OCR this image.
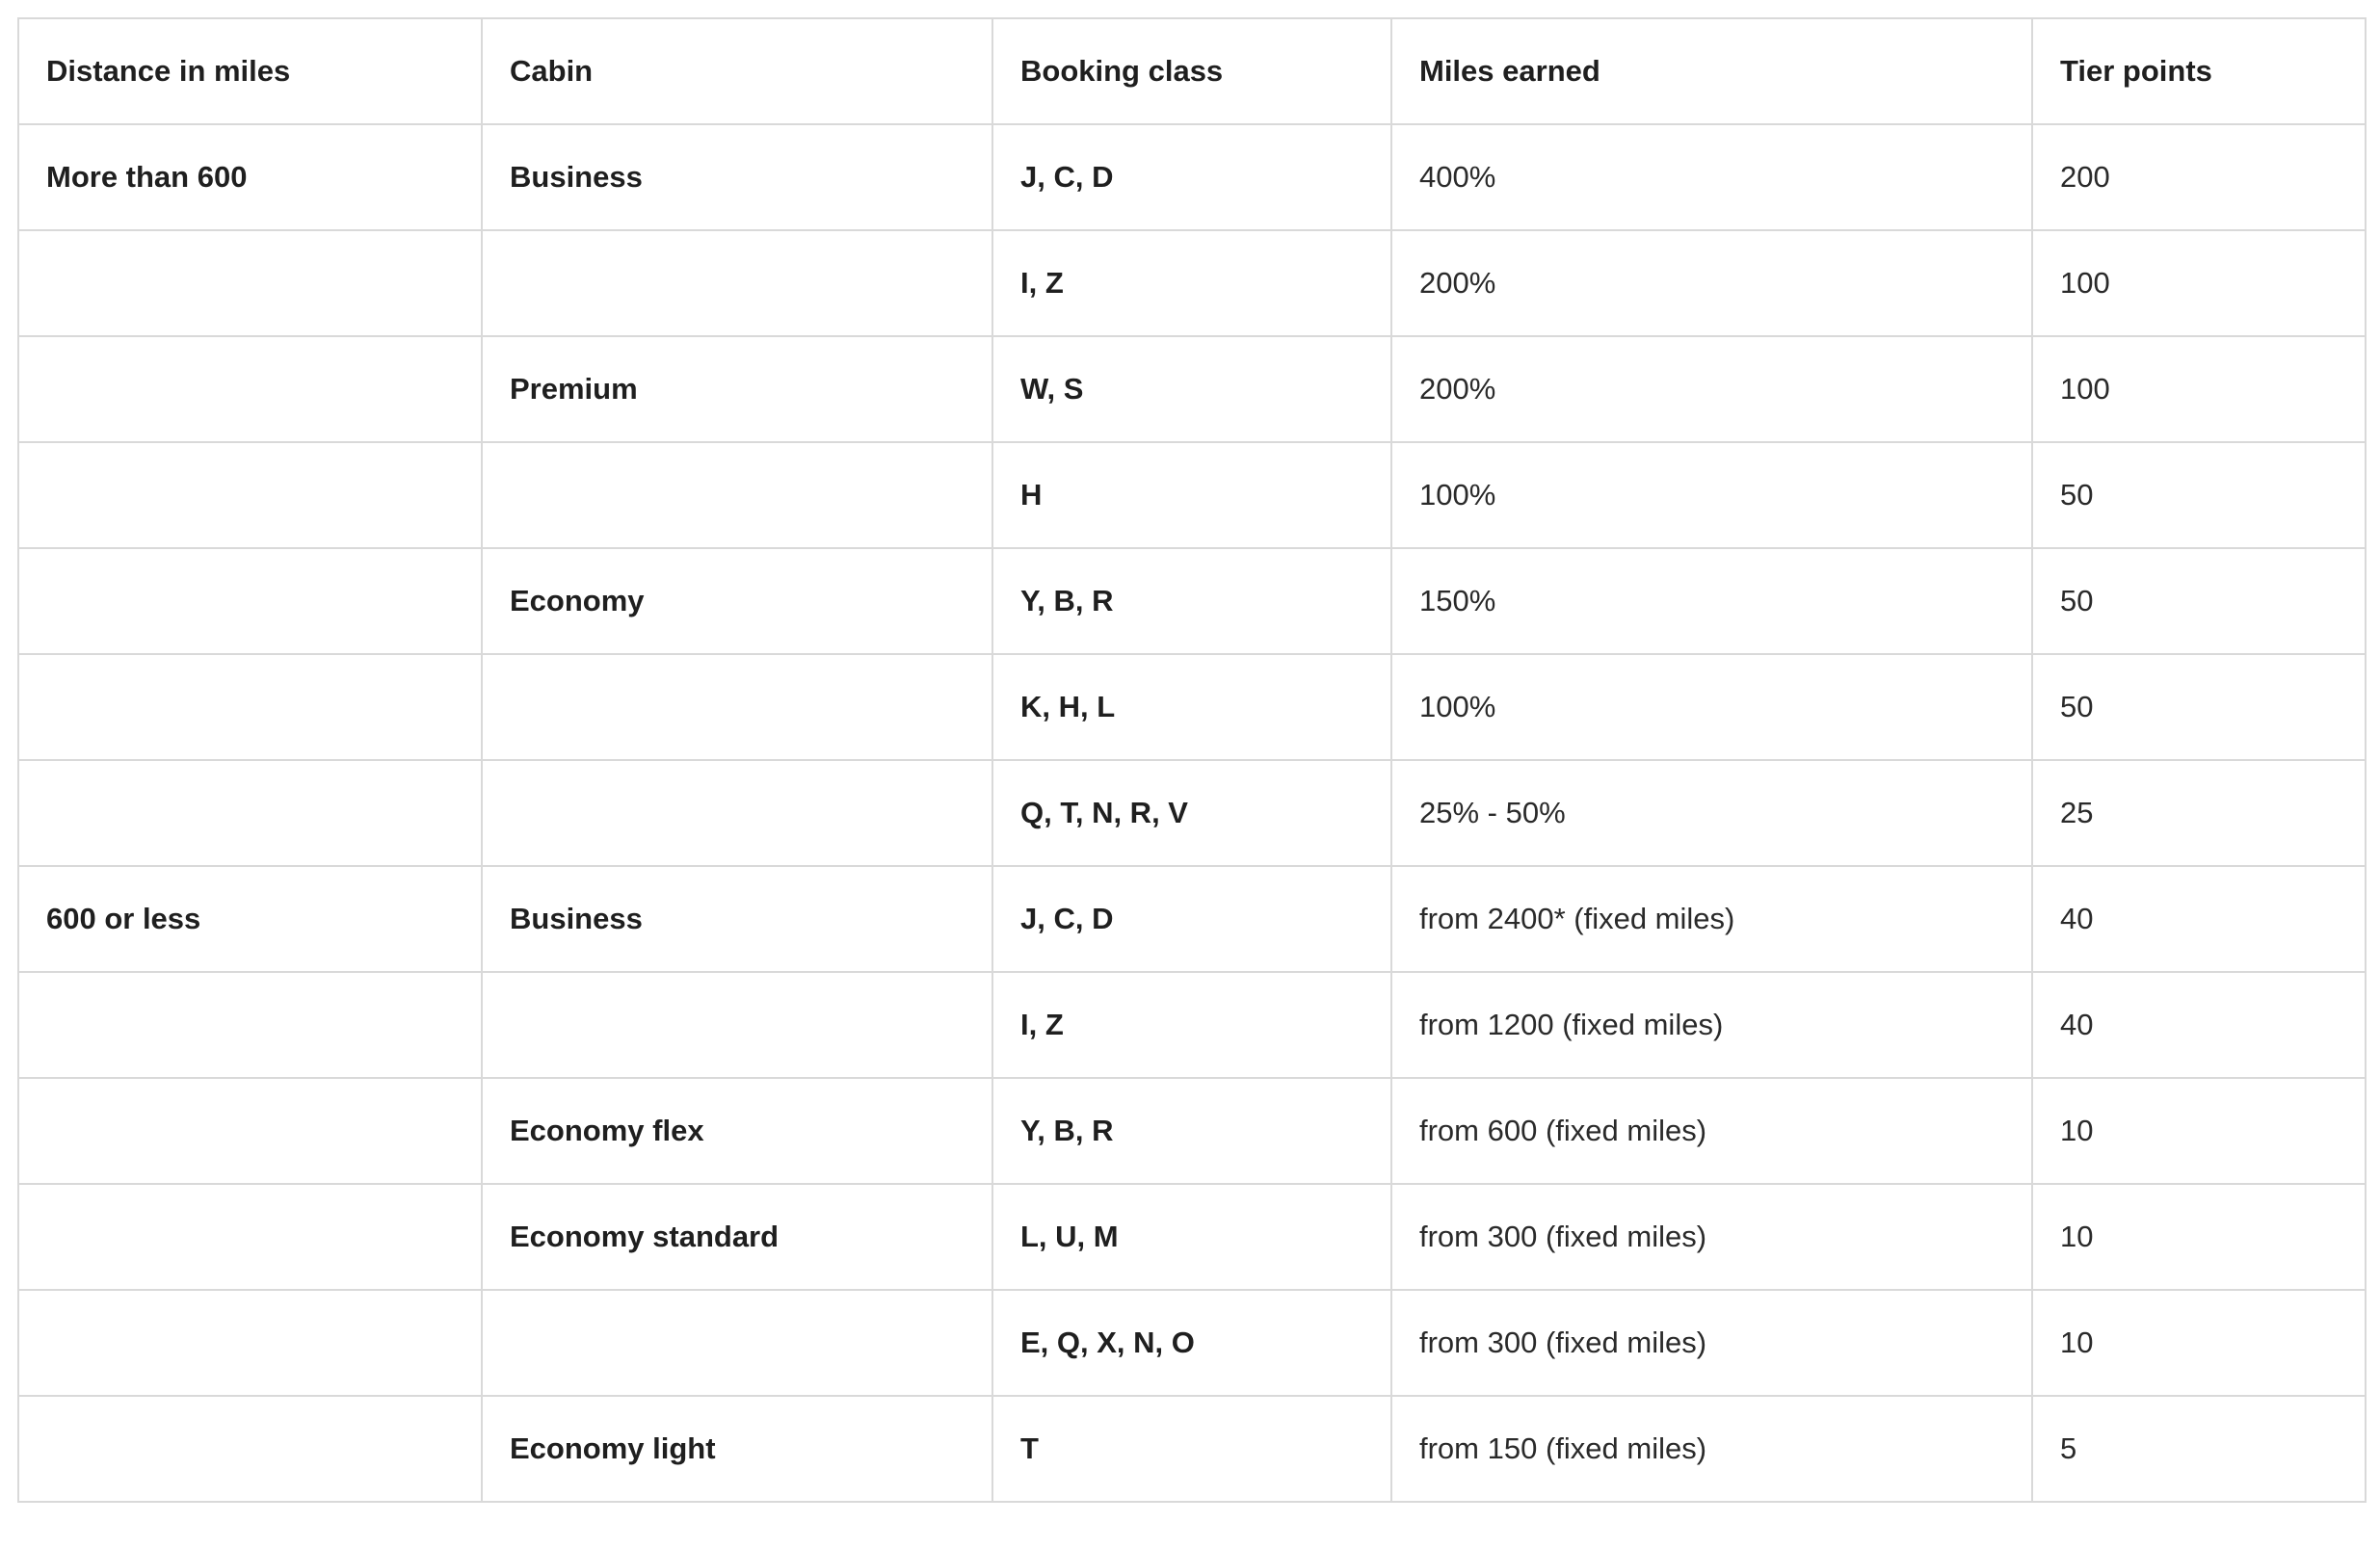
Distance in miles	Cabin	Booking class	Miles earned	Tier points
More than 600	Business	J, C, D	400%	200
		I, Z	200%	100
	Premium	W, S	200%	100
		H	100%	50
	Economy	Y, B, R	150%	50
		K, H, L	100%	50
		Q, T, N, R, V	25% - 50%	25
600 or less	Business	J, C, D	from 2400* (fixed miles)	40
		I, Z	from 1200 (fixed miles)	40
	Economy flex	Y, B, R	from 600 (fixed miles)	10
	Economy standard	L, U, M	from 300 (fixed miles)	10
		E, Q, X, N, O	from 300 (fixed miles)	10
	Economy light	T	from 150 (fixed miles)	5
